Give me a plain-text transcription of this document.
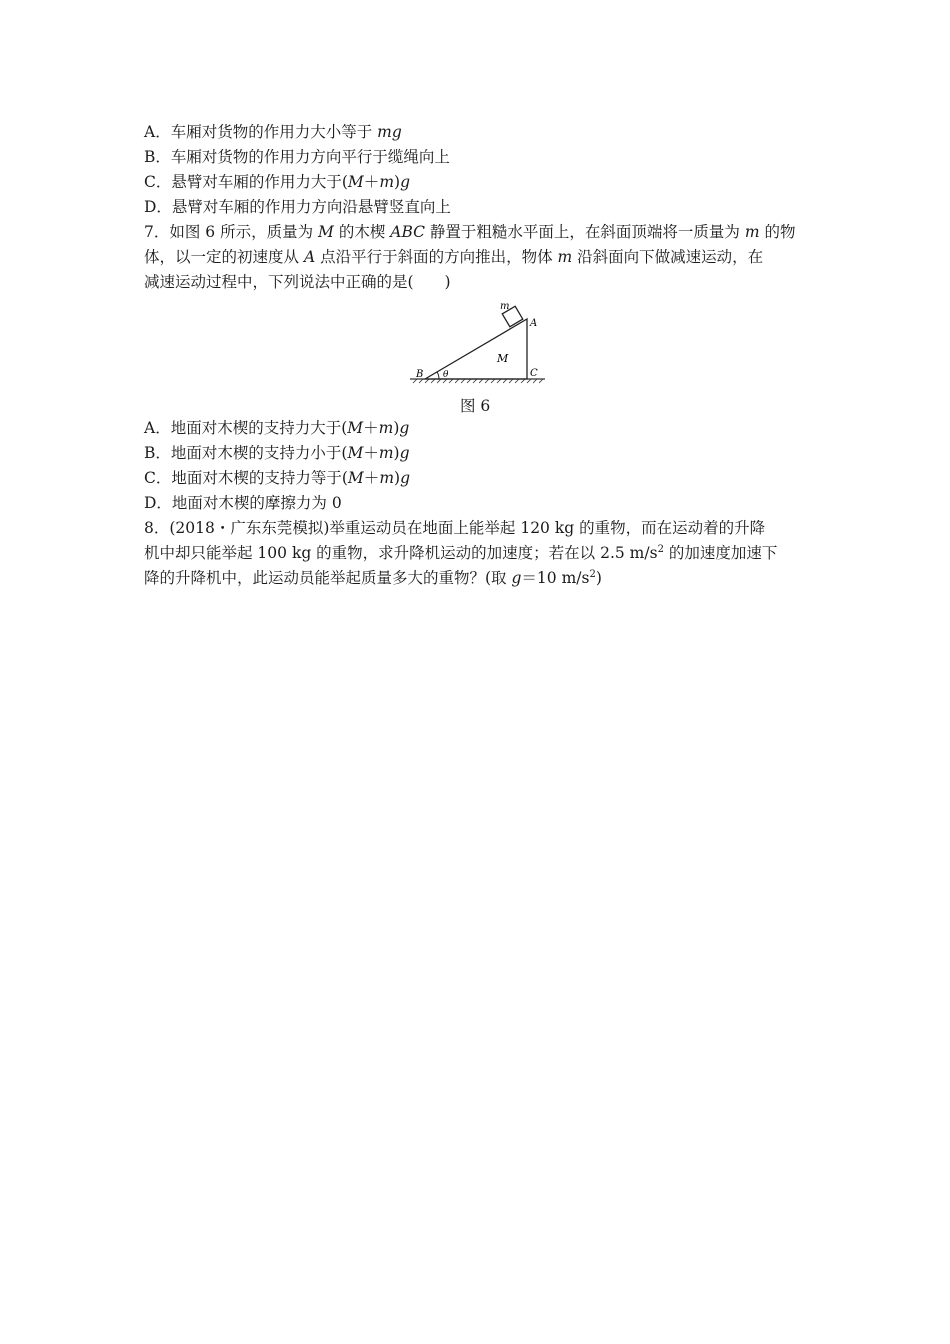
A．车厢对货物的作用力大小等于 mg
B．车厢对货物的作用力方向平行于缆绳向上
C．悬臂对车厢的作用力大于(M＋m)g
D．悬臂对车厢的作用力方向沿悬臂竖直向上
7．如图 6 所示，质量为 M 的木楔 ABC 静置于粗糙水平面上，在斜面顶端将一质量为 m 的物
体，以一定的初速度从 A 点沿平行于斜面的方向推出，物体 m 沿斜面向下做减速运动，在
减速运动过程中，下列说法中正确的是(　　)
m
A
M
B θ	C
图 6
A．地面对木楔的支持力大于(M＋m)g
B．地面对木楔的支持力小于(M＋m)g
C．地面对木楔的支持力等于(M＋m)g
D．地面对木楔的摩擦力为 0
8．(2018・广东东莞模拟)举重运动员在地面上能举起 120 kg 的重物，而在运动着的升降
机中却只能举起 100 kg 的重物，求升降机运动的加速度；若在以 2.5 $m/s^2$ 的加速度加速下
降的升降机中，此运动员能举起质量多大的重物？(取 g＝10 $m/s^2$)
